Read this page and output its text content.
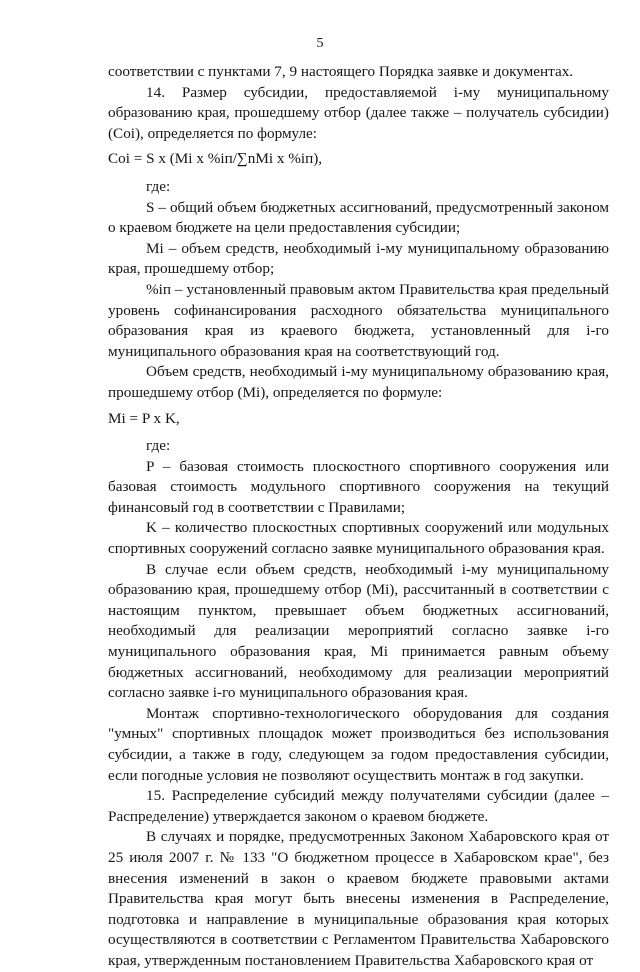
5

соответствии с пунктами 7, 9 настоящего Порядка заявке и документах.

14. Размер субсидии, предоставляемой i-му муниципальному образованию края, прошедшему отбор (далее также – получатель субсидии) (Coi), определяется по формуле:

Coi = S х (Mi х %iп/∑nMi х %iп),

где:

S – общий объем бюджетных ассигнований, предусмотренный законом о краевом бюджете на цели предоставления субсидии;

Mi – объем средств, необходимый i-му муниципальному образованию края, прошедшему отбор;

%iп – установленный правовым актом Правительства края предельный уровень софинансирования расходного обязательства муниципального образования края из краевого бюджета, установленный для i-го муниципального образования края на соответствующий год.

Объем средств, необходимый i-му муниципальному образованию края, прошедшему отбор (Mi), определяется по формуле:

Mi = P х K,

где:

P – базовая стоимость плоскостного спортивного сооружения или базовая стоимость модульного спортивного сооружения на текущий финансовый год в соответствии с Правилами;

K – количество плоскостных спортивных сооружений или модульных спортивных сооружений согласно заявке муниципального образования края.

В случае если объем средств, необходимый i-му муниципальному образованию края, прошедшему отбор (Mi), рассчитанный в соответствии с настоящим пунктом, превышает объем бюджетных ассигнований, необходимый для реализации мероприятий согласно заявке i-го муниципального образования края, Mi принимается равным объему бюджетных ассигнований, необходимому для реализации мероприятий согласно заявке i-го муниципального образования края.

Монтаж спортивно-технологического оборудования для создания "умных" спортивных площадок может производиться без использования субсидии, а также в году, следующем за годом предоставления субсидии, если погодные условия не позволяют осуществить монтаж в год закупки.

15. Распределение субсидий между получателями субсидии (далее – Распределение) утверждается законом о краевом бюджете.

В случаях и порядке, предусмотренных Законом Хабаровского края от 25 июля 2007 г. № 133 "О бюджетном процессе в Хабаровском крае", без внесения изменений в закон о краевом бюджете правовыми актами Правительства края могут быть внесены изменения в Распределение, подготовка и направление в муниципальные образования края которых осуществляются в соответствии с Регламентом Правительства Хабаровского края, утвержденным постановлением Правительства Хабаровского края от
